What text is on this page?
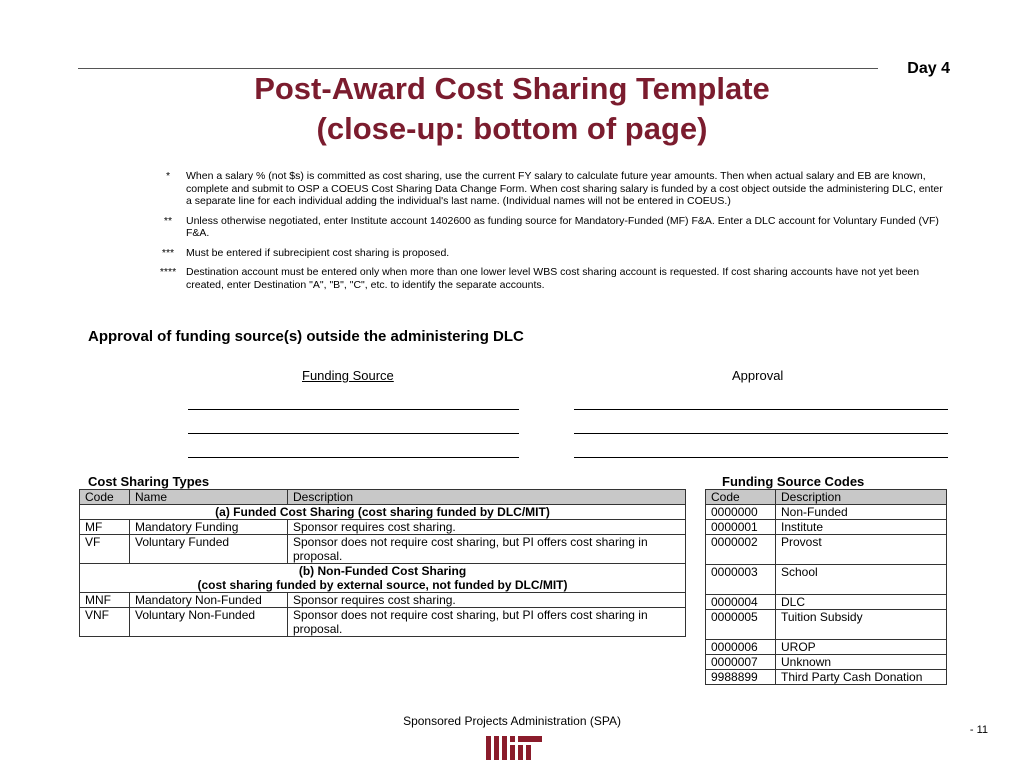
Day 4
Post-Award Cost Sharing Template
(close-up: bottom of page)
*	When a salary % (not $s) is committed as cost sharing, use the current FY salary to calculate future year amounts. Then when actual salary and EB are known, complete and submit to OSP a COEUS Cost Sharing Data Change Form. When cost sharing salary is funded by a cost object outside the administering DLC, enter a separate line for each individual adding the individual's last name. (Individual names will not be entered in COEUS.)
**	Unless otherwise negotiated, enter Institute account 1402600 as funding source for Mandatory-Funded (MF) F&A. Enter a DLC account for Voluntary Funded (VF) F&A.
***	Must be entered if subrecipient cost sharing is proposed.
**** Destination account must be entered only when more than one lower level WBS cost sharing account is requested. If cost sharing accounts have not yet been created, enter Destination "A", "B", "C", etc. to identify the separate accounts.
Approval of funding source(s) outside the administering DLC
Funding Source	Approval
Cost Sharing Types
Code	Name	Description
(a) Funded Cost Sharing (cost sharing funded by DLC/MIT)		
MF	Mandatory Funding	Sponsor requires cost sharing.
VF	Voluntary Funded	Sponsor does not require cost sharing, but PI offers cost sharing in proposal.

(b) Non-Funded Cost Sharing
(cost sharing funded by external source, not funded by DLC/MIT)		

MNF	Mandatory Non-Funded	Sponsor requires cost sharing.
VNF	Voluntary Non-Funded	Sponsor does not require cost sharing, but PI offers cost sharing in proposal.
Funding Source Codes
Code	Description
0000000	Non-Funded
0000001	Institute
0000002	Provost
0000003	School
0000004	DLC
0000005	Tuition Subsidy
0000006	UROP
0000007	Unknown
9988899	Third Party Cash Donation
Sponsored Projects Administration (SPA)
- 11
